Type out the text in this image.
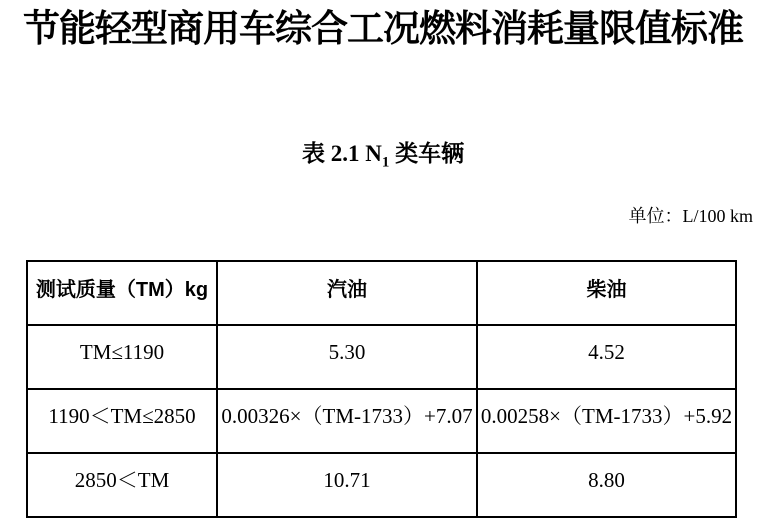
节能轻型商用车综合工况燃料消耗量限值标准
表 2.1 $N_1$ 类车辆
单位：L/100 km
测试质量（TM）kg	汽油	柴油
TM≤1190	5.30	4.52
1190＜TM≤2850	0.00326×（TM-1733）+7.07	0.00258×（TM-1733）+5.92
2850＜TM	10.71	8.80
